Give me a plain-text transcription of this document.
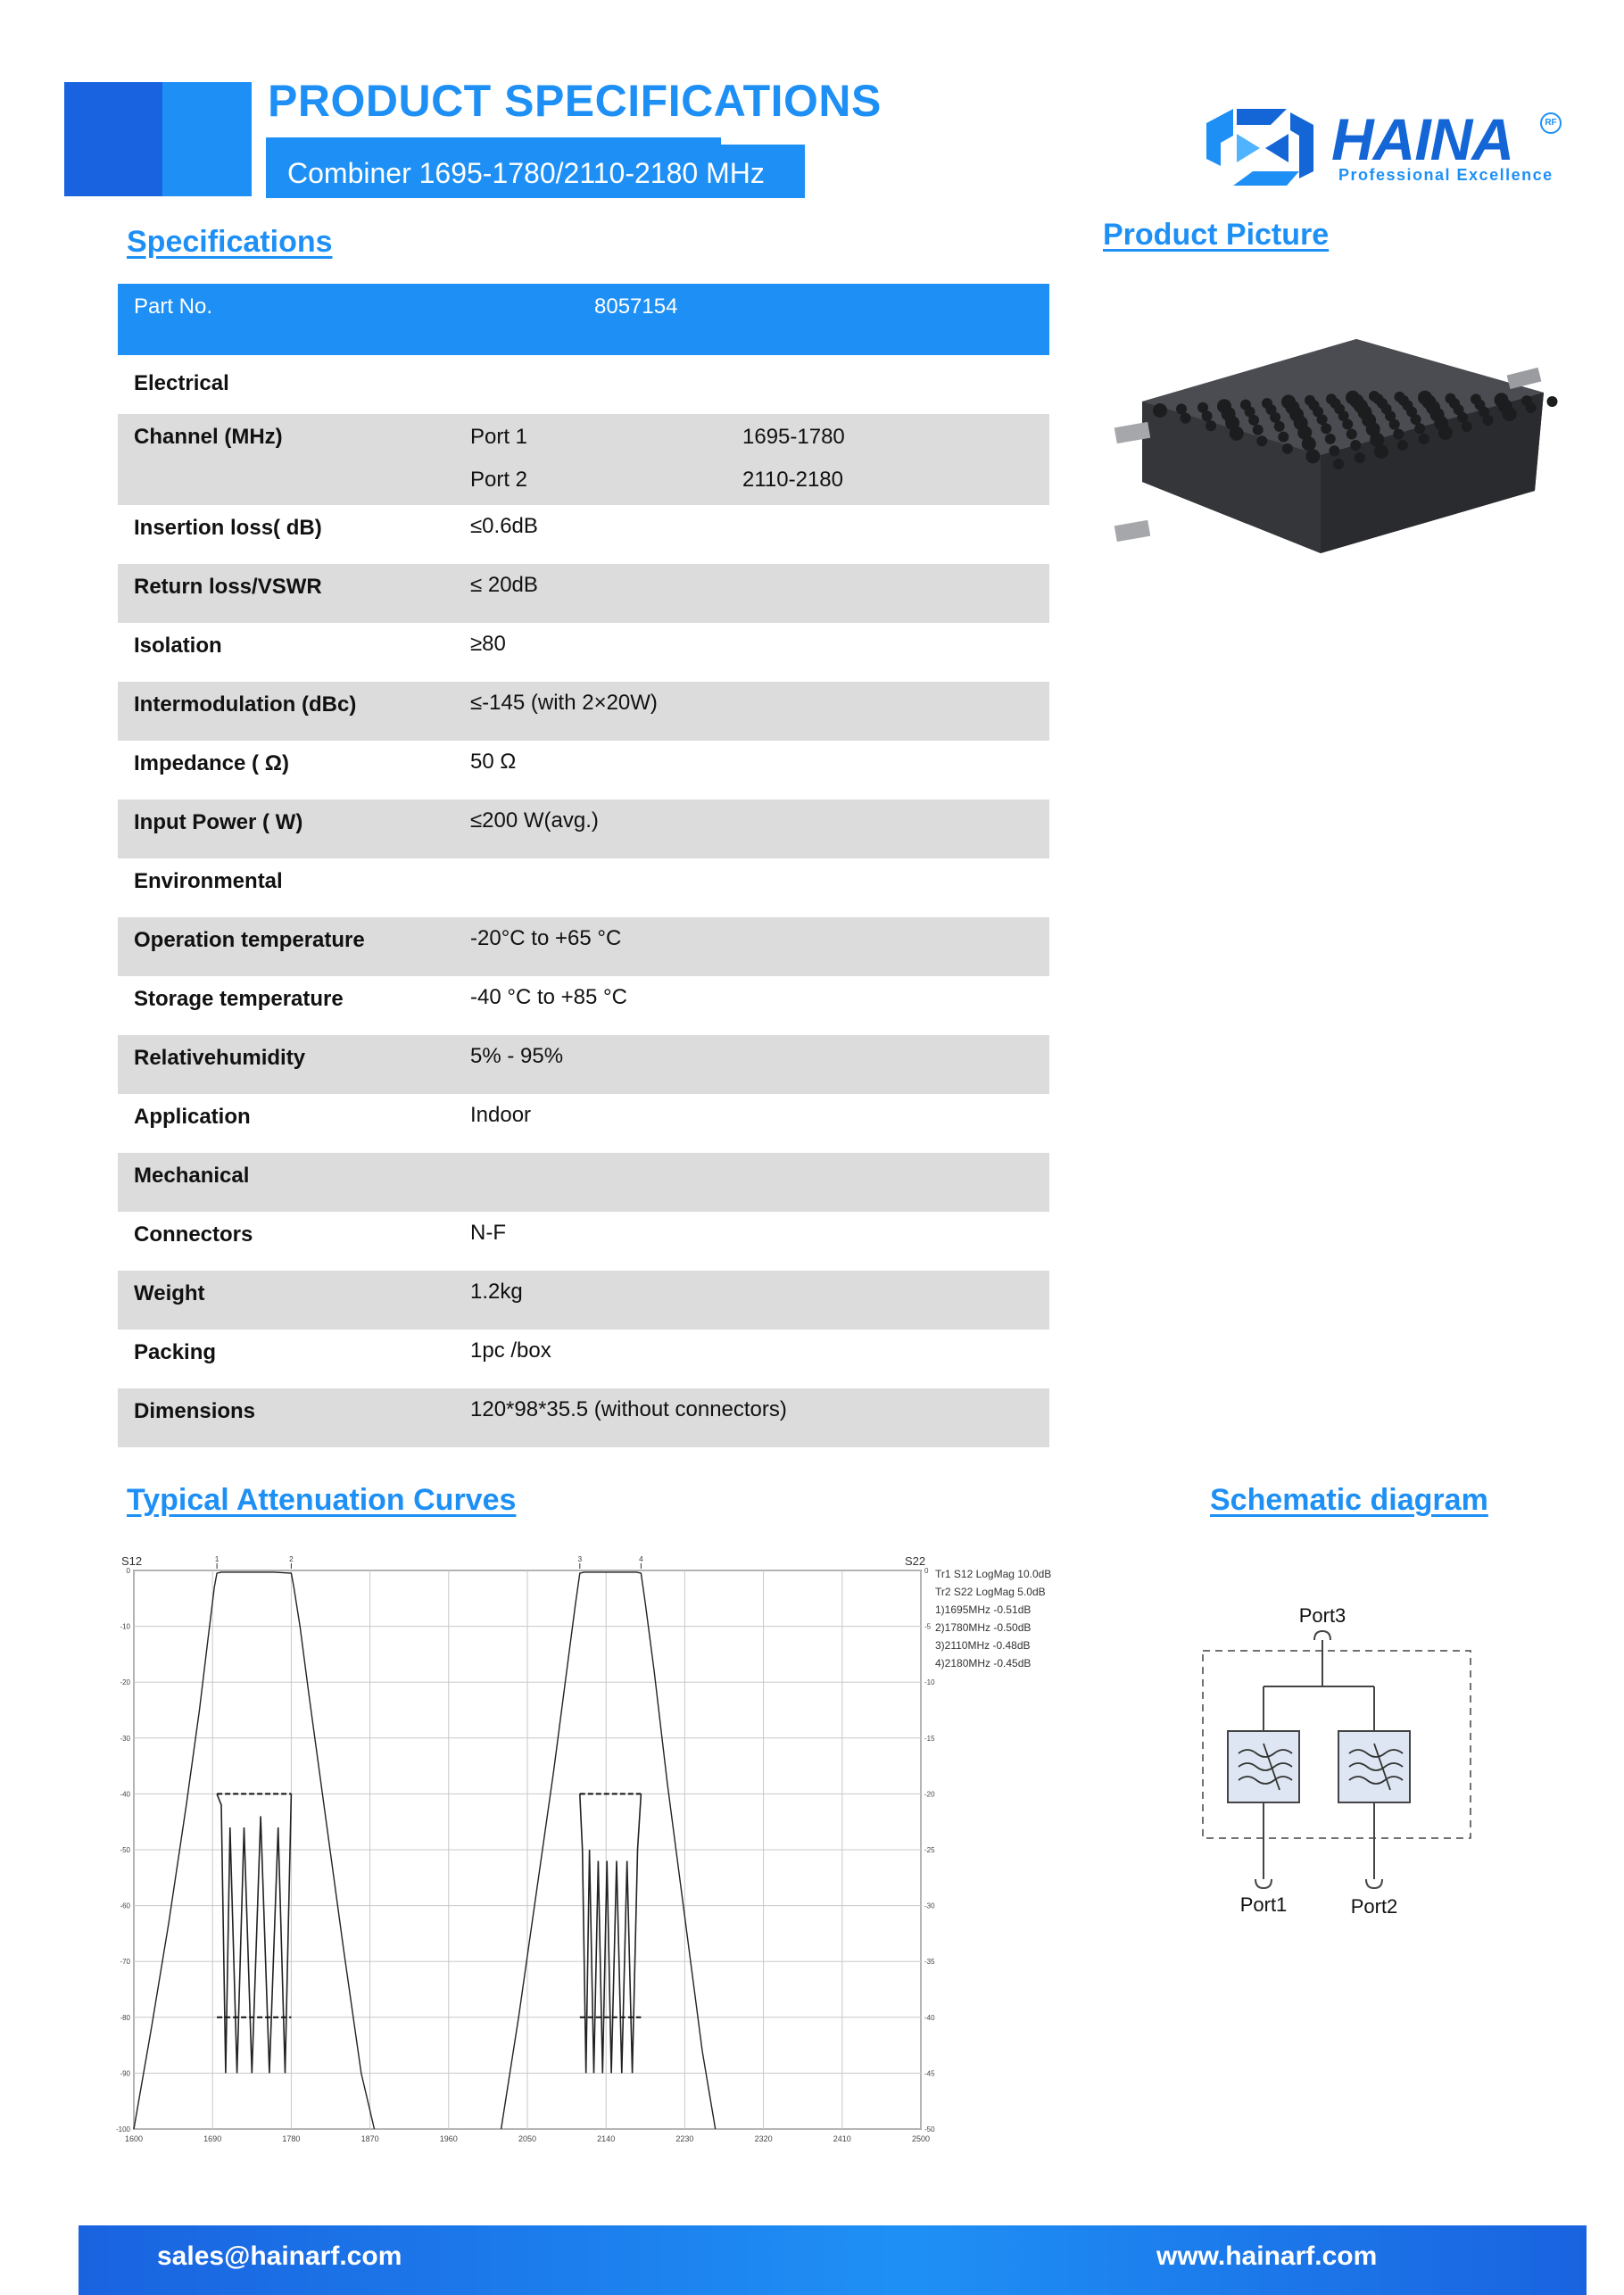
PRODUCT SPECIFICATIONS
Combiner 1695-1780/2110-2180 MHz
HAINA	RF
Professional Excellence
Specifications	Product Picture
Typical Attenuation Curves	Schematic diagram
Part No.	8057154
Electrical
Channel (MHz)	Port 1	1695-1780
Port 2	2110-2180
Insertion loss( dB)	≤0.6dB
Return loss/VSWR	≤ 20dB
Isolation	≥80
Intermodulation (dBc)	≤-145 (with 2×20W)
Impedance ( Ω)	50 Ω
Input Power ( W)	≤200 W(avg.)
Environmental
Operation temperature	-20°C to +65 °C
Storage temperature	-40 °C to +85 °C
Relativehumidity	5% - 95%
Application	Indoor
Mechanical
Connectors	N-F
Weight	1.2kg
Packing	1pc /box
Dimensions	120*98*35.5 (without connectors)
1600	1690	1780	1870	1960	2050	2140	2230	2320	2410	2500
0
-10
-20
-30
-40
-50
-60
-70
-80
-90
-100
0
-5
-10
-15
-20
-25
-30
-35
-40
-45
-50
1	2	3	4
S12	S22
Tr1 S12 LogMag 10.0dB
Tr2 S22 LogMag 5.0dB
1)1695MHz -0.51dB
2)1780MHz -0.50dB
3)2110MHz -0.48dB
4)2180MHz -0.45dB
Port3
Port1	Port2
sales@hainarf.com	www.hainarf.com
